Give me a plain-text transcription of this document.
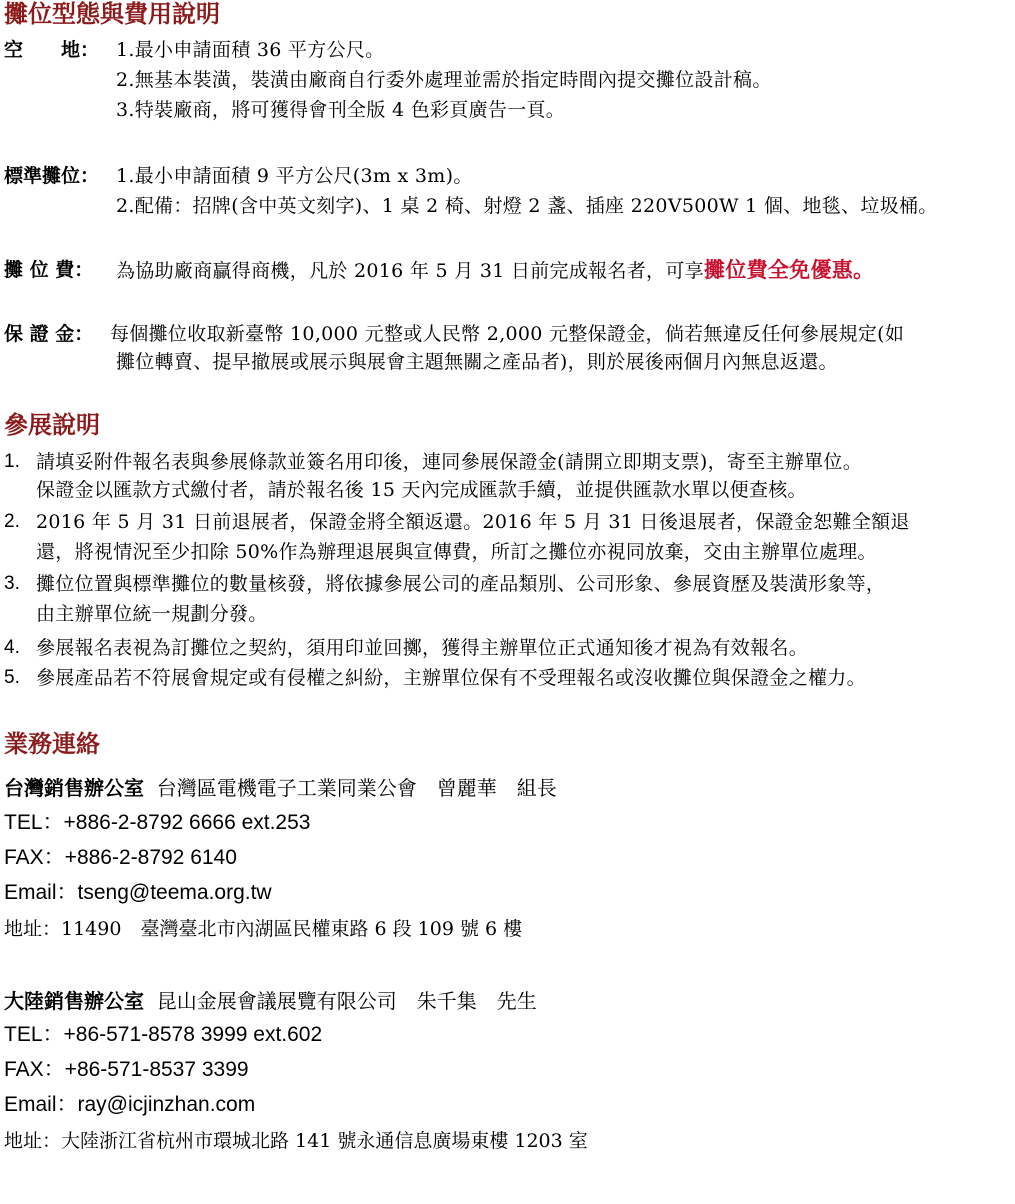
攤位型態與費用說明
空　　地： 1.最小申請面積 36 平方公尺。
2.無基本裝潢，裝潢由廠商自行委外處理並需於指定時間內提交攤位設計稿。
3.特裝廠商，將可獲得會刊全版 4 色彩頁廣告一頁。
標準攤位： 1.最小申請面積 9 平方公尺(3m x 3m)。
2.配備：招牌(含中英文刻字)、1 桌 2 椅、射燈 2 盞、插座 220V500W 1 個、地毯、垃圾桶。
攤 位 費： 為協助廠商贏得商機，凡於 2016 年 5 月 31 日前完成報名者，可享攤位費全免優惠。
保 證 金： 每個攤位收取新臺幣 10,000 元整或人民幣 2,000 元整保證金，倘若無違反任何參展規定(如
攤位轉賣、提早撤展或展示與展會主題無關之產品者)，則於展後兩個月內無息返還。
參展說明
1. 請填妥附件報名表與參展條款並簽名用印後，連同參展保證金(請開立即期支票)，寄至主辦單位。
保證金以匯款方式繳付者，請於報名後 15 天內完成匯款手續，並提供匯款水單以便查核。
2. 2016 年 5 月 31 日前退展者，保證金將全額返還。2016 年 5 月 31 日後退展者，保證金恕難全額退
還，將視情況至少扣除 50%作為辦理退展與宣傳費，所訂之攤位亦視同放棄，交由主辦單位處理。
3. 攤位位置與標準攤位的數量核發，將依據參展公司的產品類別、公司形象、參展資歷及裝潢形象等，
由主辦單位統一規劃分發。
4. 參展報名表視為訂攤位之契約，須用印並回擲，獲得主辦單位正式通知後才視為有效報名。
5. 參展產品若不符展會規定或有侵權之糾紛，主辦單位保有不受理報名或沒收攤位與保證金之權力。
業務連絡
台灣銷售辦公室 台灣區電機電子工業同業公會　曾麗華　組長
TEL：+886-2-8792 6666 ext.253
FAX：+886-2-8792 6140
Email：tseng@teema.org.tw
地址：11490　臺灣臺北市內湖區民權東路 6 段 109 號 6 樓
大陸銷售辦公室 昆山金展會議展覽有限公司　朱千集　先生
TEL：+86-571-8578 3999 ext.602
FAX：+86-571-8537 3399
Email：ray@icjinzhan.com
地址：大陸浙江省杭州市環城北路 141 號永通信息廣場東樓 1203 室
